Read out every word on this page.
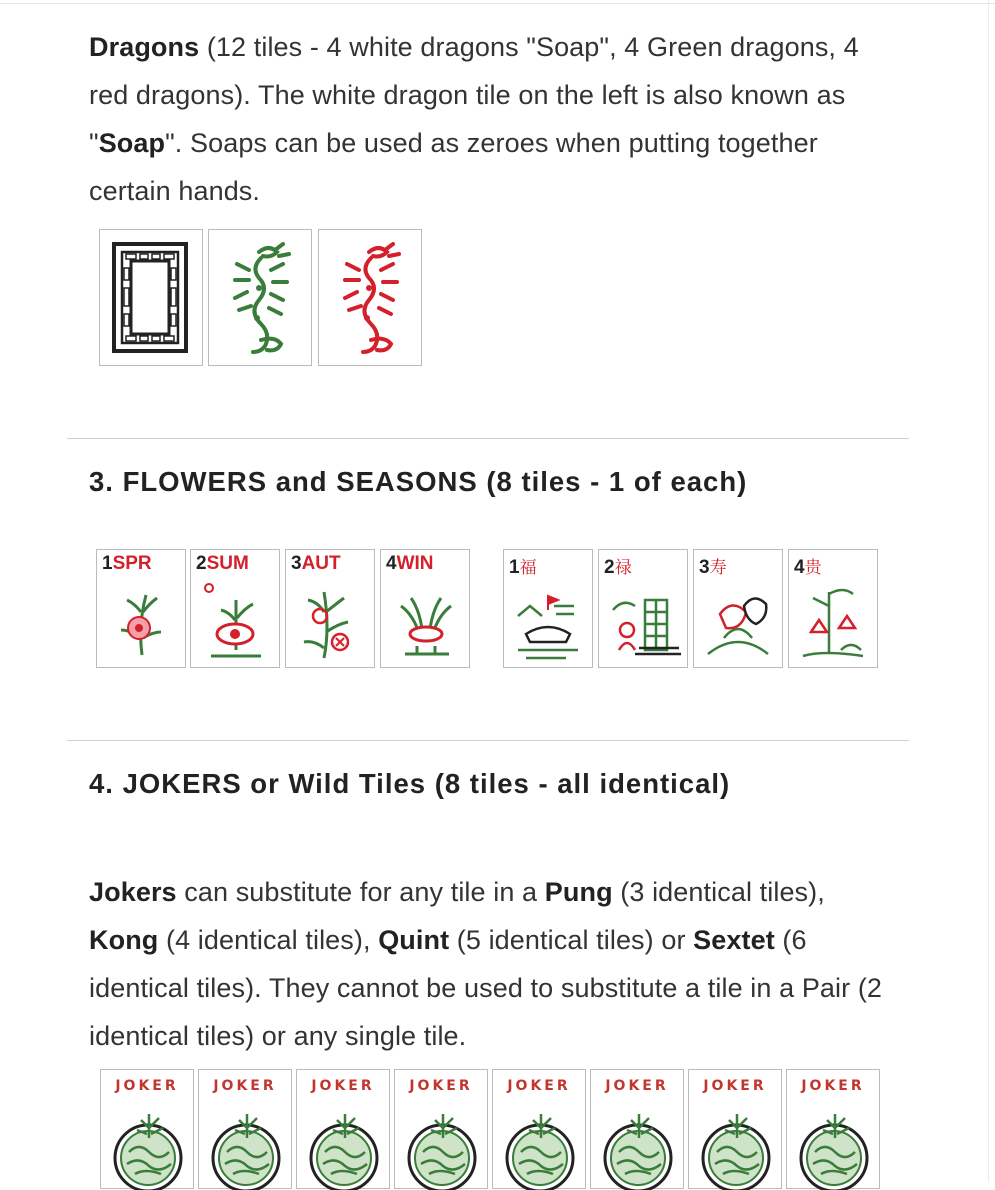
Dragons (12 tiles - 4 white dragons "Soap", 4 Green dragons, 4 red dragons). The white dragon tile on the left is also known as "Soap". Soaps can be used as zeroes when putting together certain hands.

3. FLOWERS and SEASONS (8 tiles - 1 of each)
1SPR 2SUM 3AUT 4WIN	1福	2禄	3寿	4贵
4. JOKERS or Wild Tiles (8 tiles - all identical)

Jokers can substitute for any tile in a Pung (3 identical tiles), Kong (4 identical tiles), Quint (5 identical tiles) or Sextet (6 identical tiles). They cannot be used to substitute a tile in a Pair (2 identical tiles) or any single tile.

JOKER	JOKER	JOKER	JOKER	JOKER	JOKER	JOKER	JOKER
